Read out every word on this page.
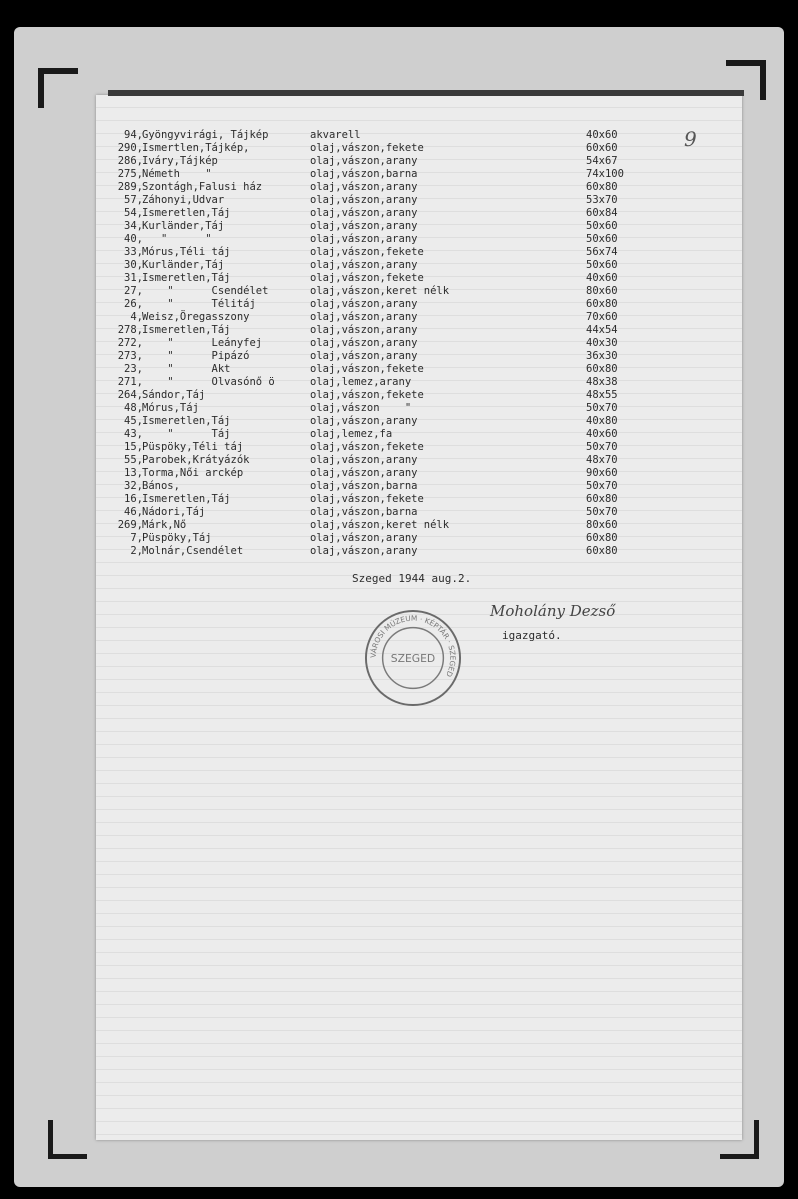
9
94, Gyöngyvirági, Tájkép	akvarell	40x60
290, Ismertlen,Tájkép,	olaj,vászon,fekete	60x60
286, Iváry,Tájkép	olaj,vászon,arany	54x67
275, Németh    "	olaj,vászon,barna	74x100
289, Szontágh,Falusi ház	olaj,vászon,arany	60x80
57, Záhonyi,Udvar	olaj,vászon,arany	53x70
54, Ismeretlen,Táj	olaj,vászon,arany	60x84
34, Kurländer,Táj	olaj,vászon,arany	50x60
40, "      "	olaj,vászon,arany	50x60
33, Mórus,Téli táj	olaj,vászon,fekete	56x74
30, Kurländer,Táj	olaj,vászon,arany	50x60
31, Ismeretlen,Táj	olaj,vászon,fekete	40x60
27, "      Csendélet	olaj,vászon,keret nélk	80x60
26, "      Télitáj	olaj,vászon,arany	60x80
4, Weisz,Öregasszony	olaj,vászon,arany	70x60
278, Ismeretlen,Táj	olaj,vászon,arany	44x54
272, "      Leányfej	olaj,vászon,arany	40x30
273, "      Pipázó	olaj,vászon,arany	36x30
23, "      Akt	olaj,vászon,fekete	60x80
271, "      Olvasónő ö	olaj,lemez,arany	48x38
264, Sándor,Táj	olaj,vászon,fekete	48x55
48, Mórus,Táj	olaj,vászon    "	50x70
45, Ismeretlen,Táj	olaj,vászon,arany	40x80
43, "      Táj	olaj,lemez,fa	40x60
15, Püspöky,Téli táj	olaj,vászon,fekete	50x70
55, Parobek,Krátyázók	olaj,vászon,arany	48x70
13, Torma,Női arckép	olaj,vászon,arany	90x60
32, Bános,	olaj,vászon,barna	50x70
16, Ismeretlen,Táj	olaj,vászon,fekete	60x80
46, Nádori,Táj	olaj,vászon,barna	50x70
269, Márk,Nő	olaj,vászon,keret nélk	80x60
7, Püspöky,Táj	olaj,vászon,arany	60x80
2, Molnár,Csendélet	olaj,vászon,arany	60x80
Szeged 1944 aug.2.
VÁROSI MÚZEUM · KÉPTÁR · SZEGED
SZEGED
Moholány Dezső
igazgató.
